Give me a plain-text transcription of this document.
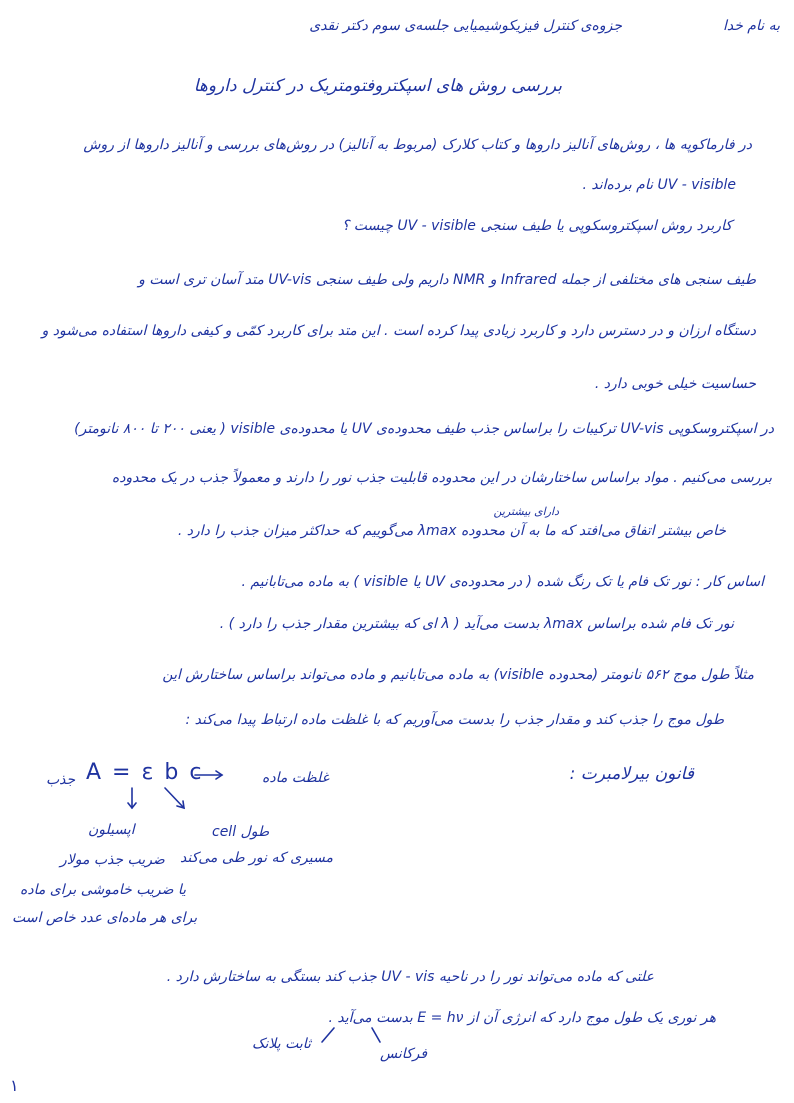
به نام خدا
جزوه‌ی کنترل فیزیکوشیمیایی جلسه‌ی سوم دکتر نقدی
بررسی روش های اسپکتروفتومتریک در کنترل داروها
در فارماکوپه ها ، روش‌های آنالیز داروها و کتاب کلارک (مربوط به آنالیز) در روش‌های بررسی و آنالیز داروها از روش
UV - visible نام برده‌اند .
کاربرد روش اسپکتروسکوپی یا طیف سنجی UV - visible چیست ؟
طیف سنجی های مختلفی از جمله Infrared و NMR داریم ولی طیف سنجی UV-vis متد آسان تری است و
دستگاه ارزان و در دسترس دارد و کاربرد زیادی پیدا کرده است . این متد برای کاربرد کمّی و کیفی داروها استفاده می‌شود و
حساسیت خیلی خوبی دارد .
در اسپکتروسکوپی UV-vis ترکیبات را براساس جذب طیف محدوده‌ی UV یا محدوده‌ی visible ( یعنی ۲۰۰ تا ۸۰۰ نانومتر)
بررسی می‌کنیم . مواد براساس ساختارشان در این محدوده قابلیت جذب نور را دارند و معمولاً جذب در یک محدوده
دارای بیشترین
خاص بیشتر اتفاق می‌افتد که ما به آن محدوده λmax می‌گوییم که حداکثر میزان جذب را دارد .
اساس کار : نور تک فام یا تک رنگ شده ( در محدوده‌ی UV یا visible ) به ماده می‌تابانیم .
نور تک فام شده براساس λmax بدست می‌آید ( λ ای که بیشترین مقدار جذب را دارد ) .
مثلاً طول موج ۵۶۲ نانومتر (محدوده visible) به ماده می‌تابانیم و ماده می‌تواند براساس ساختارش این
طول موج را جذب کند و مقدار جذب را بدست می‌آوریم که با غلظت ماده ارتباط پیدا می‌کند :
قانون بیرلامبرت :
جذب A = ε b c	غلظت ماده
اپسیلون
ضریب جذب مولار
یا ضریب خاموشی برای ماده
برای هر ماده‌ای عدد خاص است
طول cell
مسیری که نور طی می‌کند
علتی که ماده می‌تواند نور را در ناحیه UV - vis جذب کند بستگی به ساختارش دارد .
هر نوری یک طول موج دارد که انرژی آن از E = hν بدست می‌آید .
ثابت پلانک
فرکانس
۱
